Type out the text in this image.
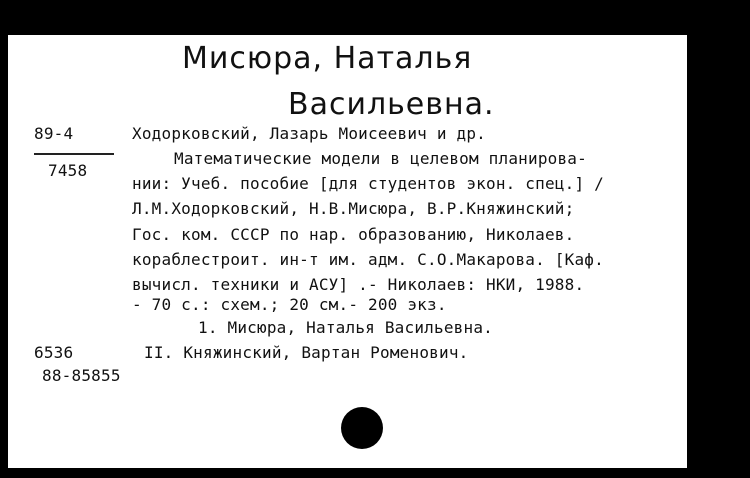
Мисюра, Наталья
Васильевна.
89-4
7458
Ходорковский, Лазарь Моисеевич и др.
Математические модели в целевом планирова-
нии: Учеб. пособие [для студентов экон. спец.] /
Л.М.Ходорковский, Н.В.Мисюра, В.Р.Княжинский;
Гос. ком. СССР по нар. образованию, Николаев.
кораблестроит. ин-т им. адм. С.О.Макарова. [Каф.
вычисл. техники и АСУ] .- Николаев: НКИ, 1988.
- 70 с.: схем.; 20 см.- 200 экз.
1. Мисюра, Наталья Васильевна.
II. Княжинский, Вартан Роменович.
6536
88-85855
